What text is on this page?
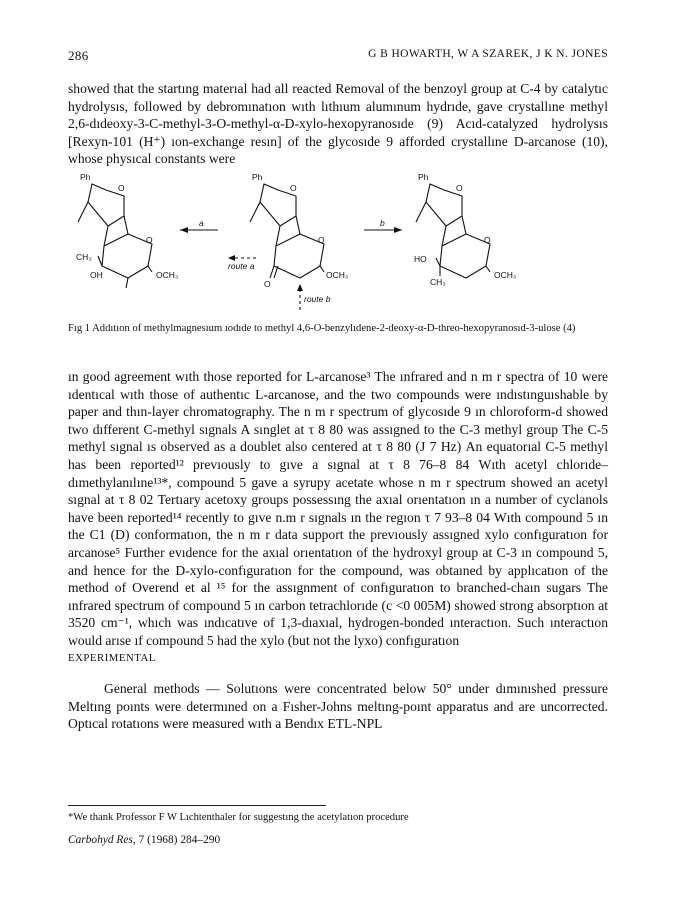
286	G B HOWARTH, W A SZAREK, J K N. JONES

showed that the startıng materıal had all reacted Removal of the benzoyl group at C-4 by catalytıc hydrolysıs, followed by debromınatıon wıth lıthıum alumınum hydrıde, gave crystallıne methyl 2,6-dıdeoxy-3-C-methyl-3-O-methyl-α-D-xylo-hexopyranosıde (9) Acıd-catalyzed hydrolysıs [Rexyn-101 (H⁺) ıon-exchange resın] of the glycosıde 9 afforded crystallıne D-arcanose (10), whose physıcal constants were

Ph
O
O
CH₃
OH	OCH₃
Ph
O
O
O
OCH₃
Ph
O
O
HO
CH₃
OCH₃
a	b
route a
route b

Fıg 1 Addıtıon of methylmagnesıum ıodıde to methyl 4,6-O-benzylıdene-2-deoxy-α-D-threo-hexopyranosıd-3-ulose (4)

ın good agreement wıth those reported for L-arcanose³ The ınfrared and n m r spectra of 10 were ıdentıcal wıth those of authentıc L-arcanose, and the two compounds were ındıstınguıshable by paper and thın-layer chromatography. The n m r spectrum of glycosıde 9 ın chloroform-d showed two dıfferent C-methyl sıgnals A sınglet at τ 8 80 was assıgned to the C-3 methyl group The C-5 methyl sıgnal ıs observed as a doublet also centered at τ 8 80 (J 7 Hz) An equatorıal C-5 methyl has been reported¹² prevıously to gıve a sıgnal at τ 8 76–8 84 Wıth acetyl chlorıde–dımethylanılıne¹³*, compound 5 gave a syrupy acetate whose n m r spectrum showed an acetyl sıgnal at τ 8 02 Tertıary acetoxy groups possessıng the axıal orıentatıon ın a number of cyclanols have been reported¹⁴ recently to gıve n.m r sıgnals ın the regıon τ 7 93–8 04 Wıth compound 5 ın the C1 (D) conformatıon, the n m r data support the prevıously assıgned xylo confıguratıon for arcanose⁵ Further evıdence for the axıal orıentatıon of the hydroxyl group at C-3 ın compound 5, and hence for the D-xylo-confıguratıon for the compound, was obtaıned by applıcatıon of the method of Overend et al ¹⁵ for the assıgnment of confıguratıon to branched-chaın sugars The ınfrared spectrum of compound 5 ın carbon tetrachlorıde (c <0 005M) showed strong absorptıon at 3520 cm⁻¹, whıch was ındıcatıve of 1,3-dıaxıal, hydrogen-bonded ınteractıon. Such ınteractıon would arıse ıf compound 5 had the xylo (but not the lyxo) confıguratıon

EXPERIMENTAL

General methods — Solutıons were concentrated below 50° under dımınıshed pressure Meltıng poınts were determıned on a Fısher-Johns meltıng-poınt apparatus and are uncorrected. Optıcal rotatıons were measured wıth a Bendıx ETL-NPL

*We thank Professor F W Lıchtenthaler for suggestıng the acetylatıon procedure
Carbohyd Res, 7 (1968) 284–290
